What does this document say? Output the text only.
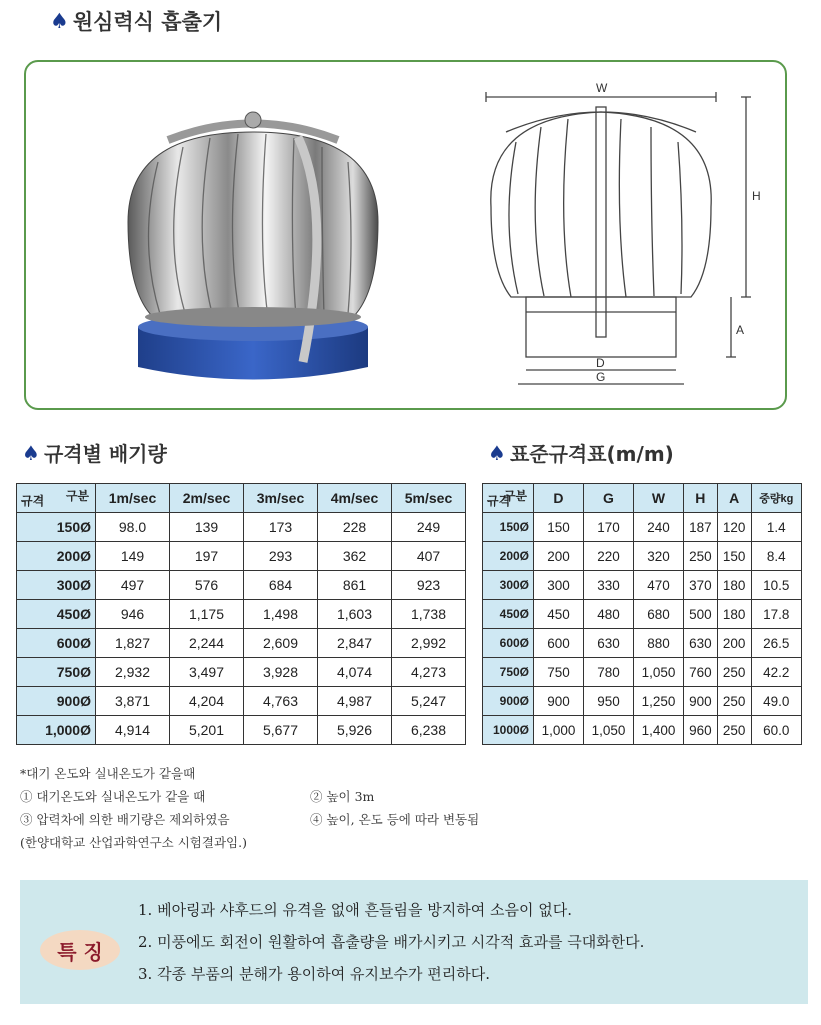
♠ 원심력식 흡출기
W
H
A
D
G
♠ 규격별 배기량	♠ 표준규격표(m/m)
구분
규격	1m/sec	2m/sec	3m/sec	4m/sec	5m/sec
150Ø	98.0	139	173	228	249
200Ø	149	197	293	362	407
300Ø	497	576	684	861	923
450Ø	946	1,175	1,498	1,603	1,738
600Ø	1,827	2,244	2,609	2,847	2,992
750Ø	2,932	3,497	3,928	4,074	4,273
900Ø	3,871	4,204	4,763	4,987	5,247
1,000Ø	4,914	5,201	5,677	5,926	6,238
구분
규격	D	G	W	H	A	중량kg
150Ø	150	170	240	187	120	1.4
200Ø	200	220	320	250	150	8.4
300Ø	300	330	470	370	180	10.5
450Ø	450	480	680	500	180	17.8
600Ø	600	630	880	630	200	26.5
750Ø	750	780	1,050	760	250	42.2
900Ø	900	950	1,250	900	250	49.0
1000Ø	1,000	1,050	1,400	960	250	60.0
*대기 온도와 실내온도가 같을때
① 대기온도와 실내온도가 같을 때	② 높이 3m
③ 압력차에 의한 배기량은 제외하였음	④ 높이, 온도 등에 따라 변동됨
(한양대학교 산업과학연구소 시험결과임.)
특 징
1. 베아링과 샤후드의 유격을 없애 흔들림을 방지하여 소음이 없다.
2. 미풍에도 회전이 원활하여 흡출량을 배가시키고 시각적 효과를 극대화한다.
3. 각종 부품의 분해가 용이하여 유지보수가 편리하다.
